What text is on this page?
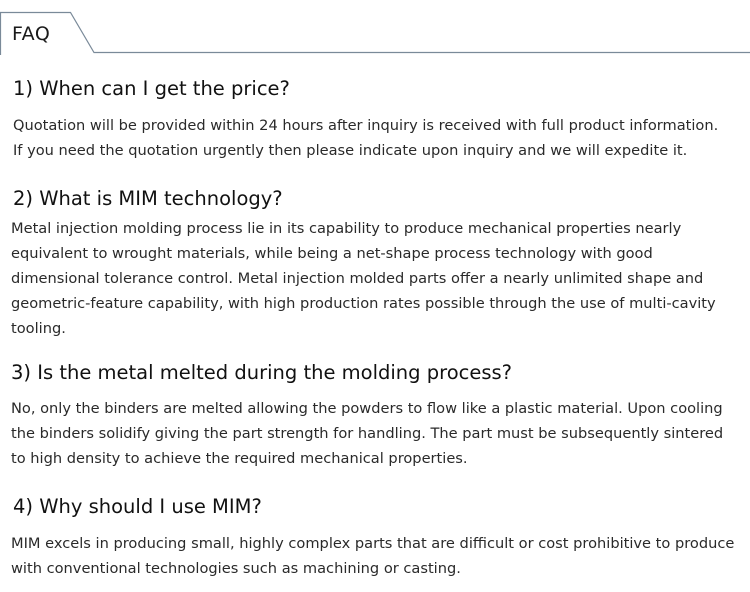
FAQ
1) When can I get the price?
Quotation will be provided within 24 hours after inquiry is received with full product information.
If you need the quotation urgently then please indicate upon inquiry and we will expedite it.
2) What is MIM technology?
Metal injection molding process lie in its capability to produce mechanical properties nearly
equivalent to wrought materials, while being a net-shape process technology with good
dimensional tolerance control. Metal injection molded parts offer a nearly unlimited shape and
geometric-feature capability, with high production rates possible through the use of multi-cavity
tooling.
3) Is the metal melted during the molding process?
No, only the binders are melted allowing the powders to flow like a plastic material. Upon cooling
the binders solidify giving the part strength for handling. The part must be subsequently sintered
to high density to achieve the required mechanical properties.
4) Why should I use MIM?
MIM excels in producing small, highly complex parts that are difficult or cost prohibitive to produce
with conventional technologies such as machining or casting.
